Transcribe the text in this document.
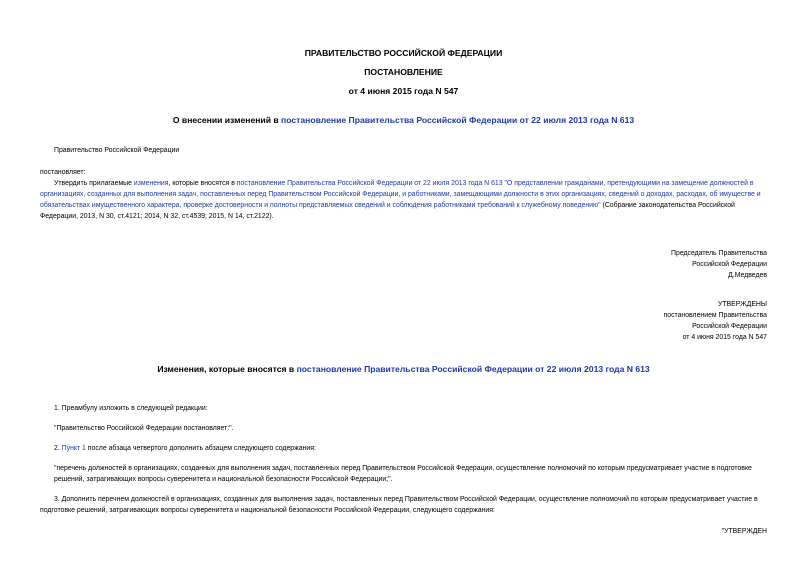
ПРАВИТЕЛЬСТВО РОССИЙСКОЙ ФЕДЕРАЦИИ
ПОСТАНОВЛЕНИЕ
от 4 июня 2015 года N 547
О внесении изменений в постановление Правительства Российской Федерации от 22 июля 2013 года N 613
Правительство Российской Федерации
постановляет:
Утвердить прилагаемые изменения, которые вносятся в постановление Правительства Российской Федерации от 22 июля 2013 года N 613 "О представлении гражданами, претендующими на замещение должностей в организациях, созданных для выполнения задач, поставленных перед Правительством Российской Федерации, и работниками, замещающими должности в этих организациях, сведений о доходах, расходах, об имуществе и обязательствах имущественного характера, проверке достоверности и полноты представляемых сведений и соблюдения работниками требований к служебному поведению" (Собрание законодательства Российской Федерации, 2013, N 30, ст.4121; 2014, N 32, ст.4539; 2015, N 14, ст.2122).
Председатель Правительства
Российской Федерации
Д.Медведев
УТВЕРЖДЕНЫ
постановлением Правительства
Российской Федерации
от 4 июня 2015 года N 547
Изменения, которые вносятся в постановление Правительства Российской Федерации от 22 июля 2013 года N 613
1. Преамбулу изложить в следующей редакции:
"Правительство Российской Федерации постановляет:".
2. Пункт 1 после абзаца четвертого дополнить абзацем следующего содержания:
"перечень должностей в организациях, созданных для выполнения задач, поставленных перед Правительством Российской Федерации, осуществление полномочий по которым предусматривает участие в подготовке решений, затрагивающих вопросы суверенитета и национальной безопасности Российской Федерации;".
3. Дополнить перечнем должностей в организациях, созданных для выполнения задач, поставленных перед Правительством Российской Федерации, осуществление полномочий по которым предусматривает участие в подготовке решений, затрагивающих вопросы суверенитета и национальной безопасности Российской Федерации, следующего содержания:
"УТВЕРЖДЕН
